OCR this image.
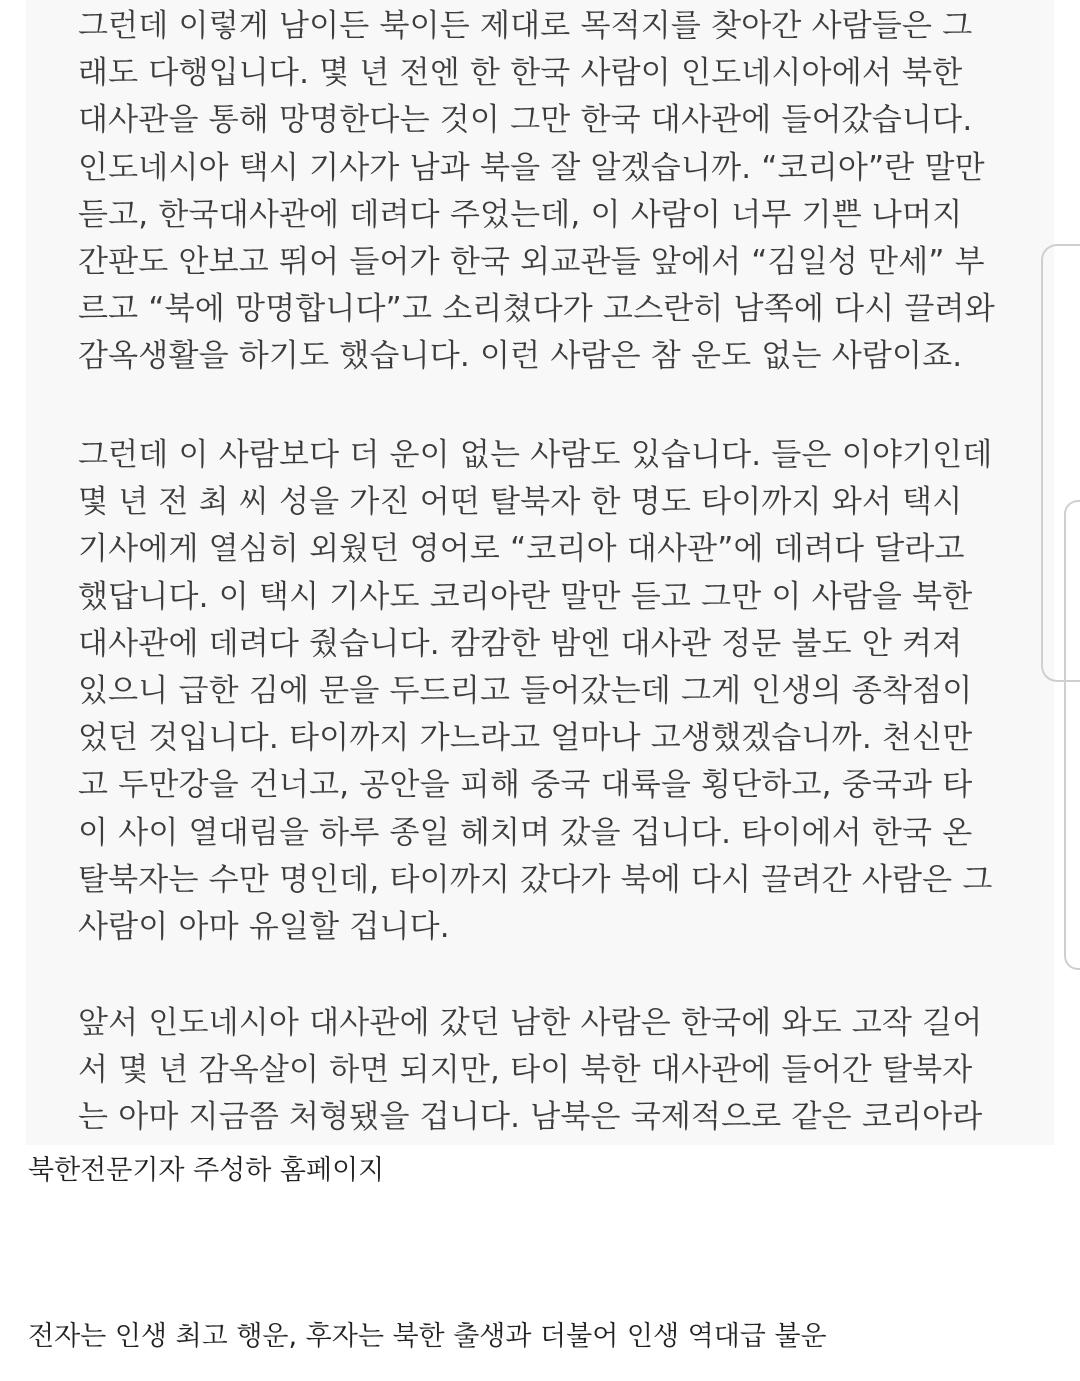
그런데 이렇게 남이든 북이든 제대로 목적지를 찾아간 사람들은 그
래도 다행입니다. 몇 년 전엔 한 한국 사람이 인도네시아에서 북한
대사관을 통해 망명한다는 것이 그만 한국 대사관에 들어갔습니다.
인도네시아 택시 기사가 남과 북을 잘 알겠습니까. “코리아”란 말만
듣고, 한국대사관에 데려다 주었는데, 이 사람이 너무 기쁜 나머지
간판도 안보고 뛰어 들어가 한국 외교관들 앞에서 “김일성 만세” 부
르고 “북에 망명합니다”고 소리쳤다가 고스란히 남쪽에 다시 끌려와
감옥생활을 하기도 했습니다. 이런 사람은 참 운도 없는 사람이죠.
그런데 이 사람보다 더 운이 없는 사람도 있습니다. 들은 이야기인데
몇 년 전 최 씨 성을 가진 어떤 탈북자 한 명도 타이까지 와서 택시
기사에게 열심히 외웠던 영어로 “코리아 대사관”에 데려다 달라고
했답니다. 이 택시 기사도 코리아란 말만 듣고 그만 이 사람을 북한
대사관에 데려다 줬습니다. 캄캄한 밤엔 대사관 정문 불도 안 켜져
있으니 급한 김에 문을 두드리고 들어갔는데 그게 인생의 종착점이
었던 것입니다. 타이까지 가느라고 얼마나 고생했겠습니까. 천신만
고 두만강을 건너고, 공안을 피해 중국 대륙을 횡단하고, 중국과 타
이 사이 열대림을 하루 종일 헤치며 갔을 겁니다. 타이에서 한국 온
탈북자는 수만 명인데, 타이까지 갔다가 북에 다시 끌려간 사람은 그
사람이 아마 유일할 겁니다.
앞서 인도네시아 대사관에 갔던 남한 사람은 한국에 와도 고작 길어
서 몇 년 감옥살이 하면 되지만, 타이 북한 대사관에 들어간 탈북자
는 아마 지금쯤 처형됐을 겁니다. 남북은 국제적으로 같은 코리아라
북한전문기자 주성하 홈페이지
전자는 인생 최고 행운, 후자는 북한 출생과 더불어 인생 역대급 불운
